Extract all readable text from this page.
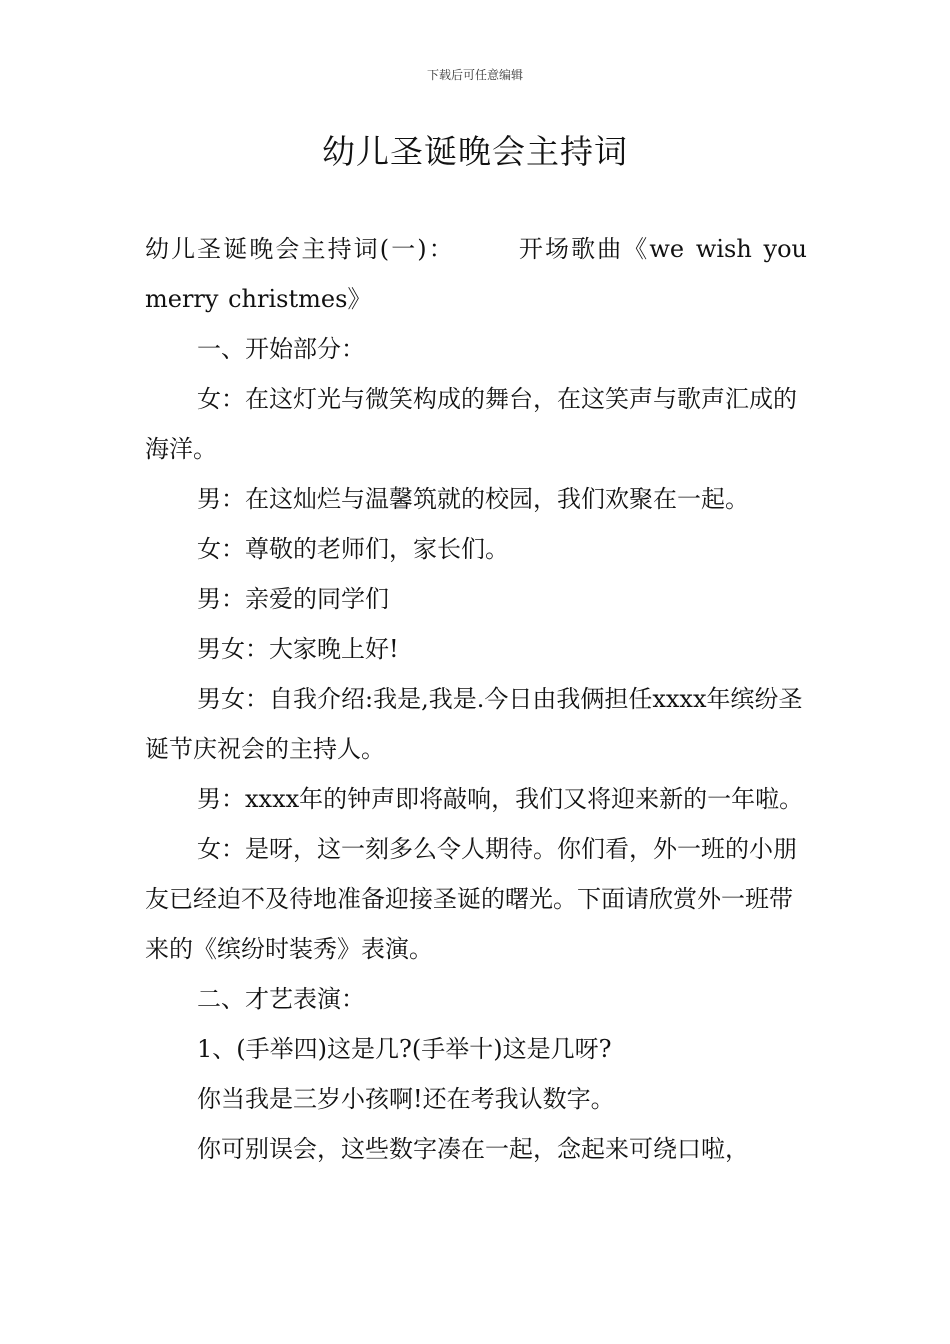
下载后可任意编辑
幼儿圣诞晚会主持词

幼儿圣诞晚会主持词(一)：	开场歌曲《we wish you merry christmes》

一、开始部分：

女：在这灯光与微笑构成的舞台，在这笑声与歌声汇成的海洋。

男：在这灿烂与温馨筑就的校园，我们欢聚在一起。

女：尊敬的老师们，家长们。

男：亲爱的同学们

男女：大家晚上好!

男女：自我介绍:我是,我是.今日由我俩担任xxxx年缤纷圣诞节庆祝会的主持人。

男：xxxx年的钟声即将敲响，我们又将迎来新的一年啦。

女：是呀，这一刻多么令人期待。你们看，外一班的小朋友已经迫不及待地准备迎接圣诞的曙光。下面请欣赏外一班带来的《缤纷时装秀》表演。

二、才艺表演：

1、(手举四)这是几?(手举十)这是几呀?

你当我是三岁小孩啊!还在考我认数字。

你可别误会，这些数字凑在一起，念起来可绕口啦，
